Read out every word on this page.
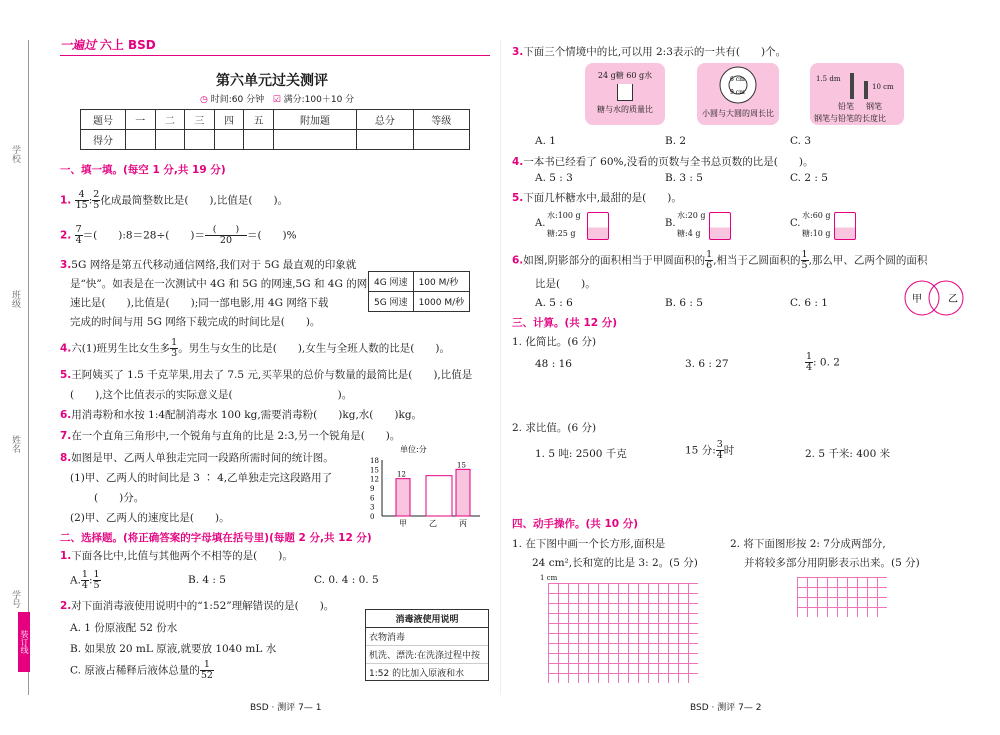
学校
班级
姓名
学号
装订线
一遍过 六上 BSD
第六单元过关测评
◷ 时间:60 分钟 ☑ 满分:100＋10 分
题号	一	二	三	四	五	附加题	总分	等级
得分								
一、填一填。(每空 1 分,共 19 分)
1. $\frac{4}{15}$ : $\frac{2}{5}$ 化成最简整数比是(　　),比值是(　　)。
2. $\frac{7}{4}$ ＝(　　):8＝28÷(　　)＝ $\frac{( )}{20}$ ＝(　　)%
3.5G 网络是第五代移动通信网络,我们对于 5G 最直观的印象就
是“快”。如表是在一次测试中 4G 和 5G 的网速,5G 和 4G 的网
速比是(　　),比值是(　　);同一部电影,用 4G 网络下载
完成的时间与用 5G 网络下载完成的时间比是(　　)。
4G 网速	100 M/秒
5G 网速	1000 M/秒
4.六(1)班男生比女生多 $\frac{1}{3}$ 。男生与女生的比是(　　),女生与全班人数的比是(　　)。
5.王阿姨买了 1.5 千克苹果,用去了 7.5 元,买苹果的总价与数量的最简比是(　　),比值是
(　　),这个比值表示的实际意义是(　　　　　　　　　　)。
6.用消毒粉和水按 1:4配制消毒水 100 kg,需要消毒粉(　　)kg,水(　　)kg。
7.在一个直角三角形中,一个锐角与直角的比是 2:3,另一个锐角是(　　)。
8.如图是甲、乙两人单独走完同一段路所需时间的统计图。
(1)甲、乙两人的时间比是 3 ∶ 4,乙单独走完这段路用了
(　　)分。
(2)甲、乙两人的速度比是(　　)。
单位:分
0
3
6
9
12
15
18
12
15
甲	乙	丙
二、选择题。(将正确答案的字母填在括号里)(每题 2 分,共 12 分)
1.下面各比中,比值与其他两个不相等的是(　　)。
A. $\frac{1}{4}$ : $\frac{1}{5}$	B. 4 : 5	C. 0. 4 : 0. 5
2.对下面消毒液使用说明中的“1:52”理解错误的是(　　)。
A. 1 份原液配 52 份水
B. 如果放 20 mL 原液,就要放 1040 mL 水
C. 原液占稀释后液体总量的 $\frac{1}{52}$
消毒液使用说明
衣物消毒
机洗、漂洗:在洗涤过程中按
1:52 的比加入原液和水
BSD · 测评 7— 1
3.下面三个情境中的比,可以用 2:3表示的一共有(　　)个。
24 g糖 60 g水
糖与水的质量比
6 cm
9 cm
小圆与大圆的周长比
1.5 dm
10 cm
铅笔 钢笔
钢笔与铅笔的长度比
A. 1	B. 2	C. 3
4.一本书已经看了 60%,没看的页数与全书总页数的比是(　　)。
A. 5 : 3	B. 3 : 5	C. 2 : 5
5.下面几杯糖水中,最甜的是(　　)。
A.
水:100 g
糖:25 g
B.
水:20 g
糖:4 g
C.
水:60 g
糖:10 g
6.如图,阴影部分的面积相当于甲圆面积的 $\frac{1}{6}$ ,相当于乙圆面积的 $\frac{1}{5}$ ,那么甲、乙两个圆的面积
比是(　　)。
甲	乙
A. 5 : 6	B. 6 : 5	C. 6 : 1
三、计算。(共 12 分)
1. 化简比。(6 分)
48 : 16	3. 6 : 27	$\frac{1}{4}$ : 0. 2
2. 求比值。(6 分)
1. 5 吨: 2500 千克	15 分: $\frac{3}{4}$ 时	2. 5 千米: 400 米
四、动手操作。(共 10 分)
1. 在下图中画一个长方形,面积是
24 cm²,长和宽的比是 3: 2。(5 分)
1 cm
2. 将下面图形按 2: 7分成两部分,
并将较多部分用阴影表示出来。(5 分)
BSD · 测评 7— 2
